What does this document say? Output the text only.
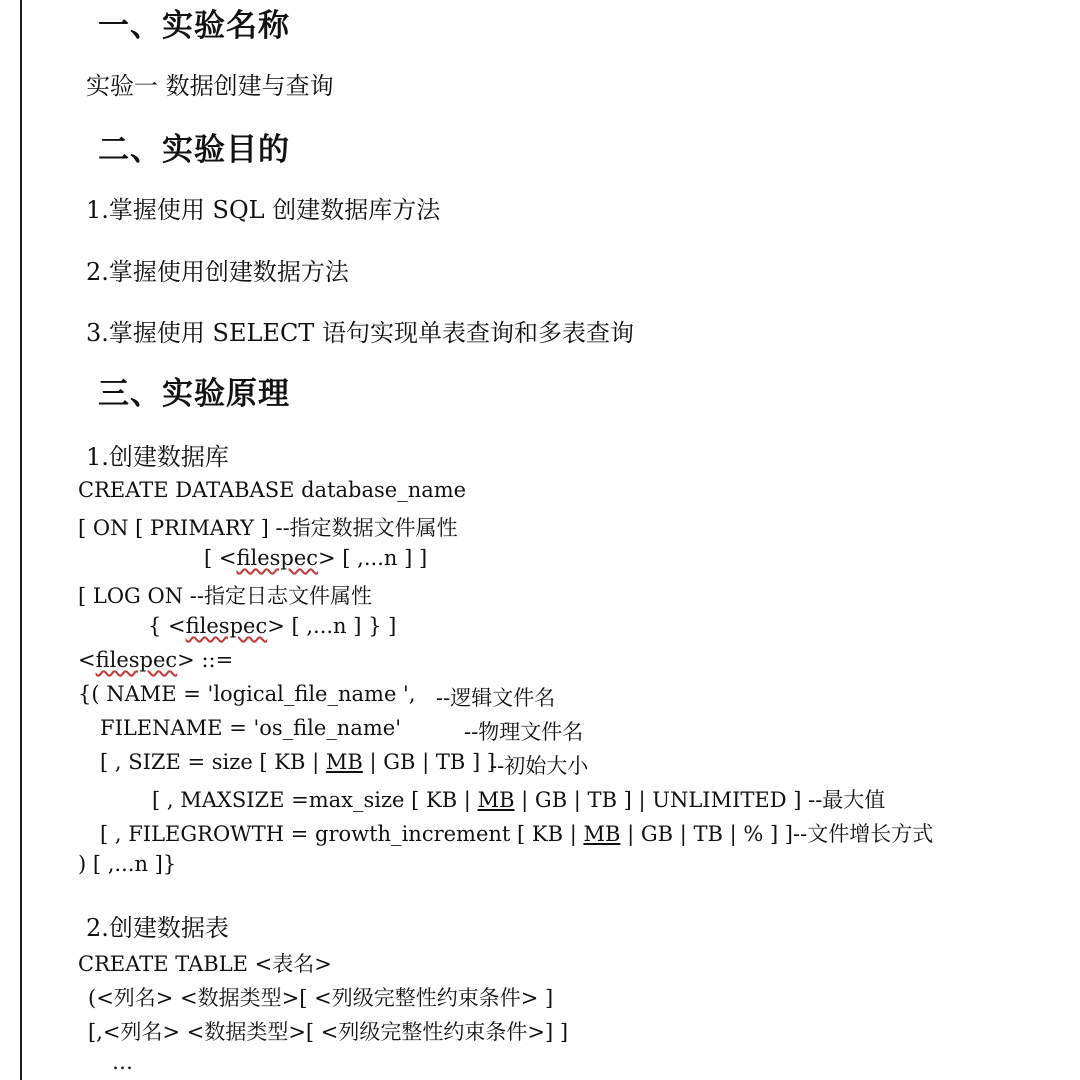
一、实验名称
实验一 数据创建与查询
二、实验目的
1.掌握使用 SQL 创建数据库方法
2.掌握使用创建数据方法
3.掌握使用 SELECT 语句实现单表查询和多表查询
三、实验原理
1.创建数据库
CREATE DATABASE database_name
[ ON [ PRIMARY ] --指定数据文件属性
[ <filespec> [ ,...n ] ]
[ LOG ON --指定日志文件属性
{ <filespec> [ ,...n ] } ]
<filespec> ::=
{( NAME = 'logical_file_name ', --逻辑文件名
FILENAME = 'os_file_name'	--物理文件名
[ , SIZE = size [ KB | MB | GB | TB ] ]
--初始大小
[ , MAXSIZE =max_size [ KB | MB | GB | TB ] | UNLIMITED ] --最大值
[ , FILEGROWTH = growth_increment [ KB | MB | GB | TB | % ] ]--文件增长方式
) [ ,...n ]}
2.创建数据表
CREATE TABLE <表名>
(<列名> <数据类型>[ <列级完整性约束条件> ]
[,<列名> <数据类型>[ <列级完整性约束条件>] ]
…
